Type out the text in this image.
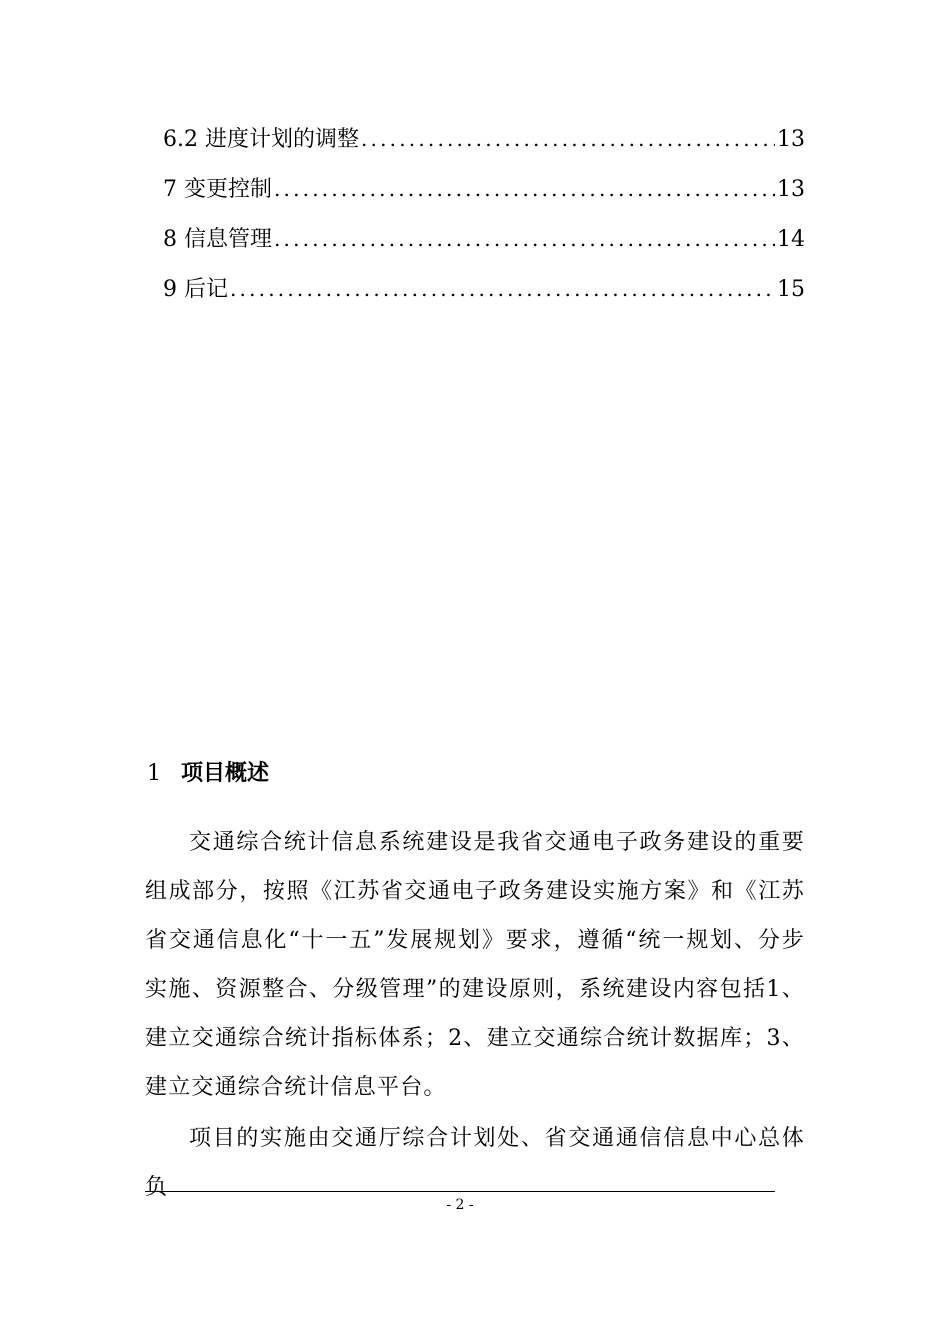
6.2 进度计划的调整 .....	13
7 变更控制 .....	13
8 信息管理 .....	14
9 后记 .....	15
1 项目概述

交通综合统计信息系统建设是我省交通电子政务建设的重要组成部分，按照《江苏省交通电子政务建设实施方案》和《江苏省交通信息化“十一五”发展规划》要求，遵循“统一规划、分步实施、资源整合、分级管理”的建设原则，系统建设内容包括1、建立交通综合统计指标体系；2、建立交通综合统计数据库；3、建立交通综合统计信息平台。

项目的实施由交通厅综合计划处、省交通通信信息中心总体负

- 2 -
